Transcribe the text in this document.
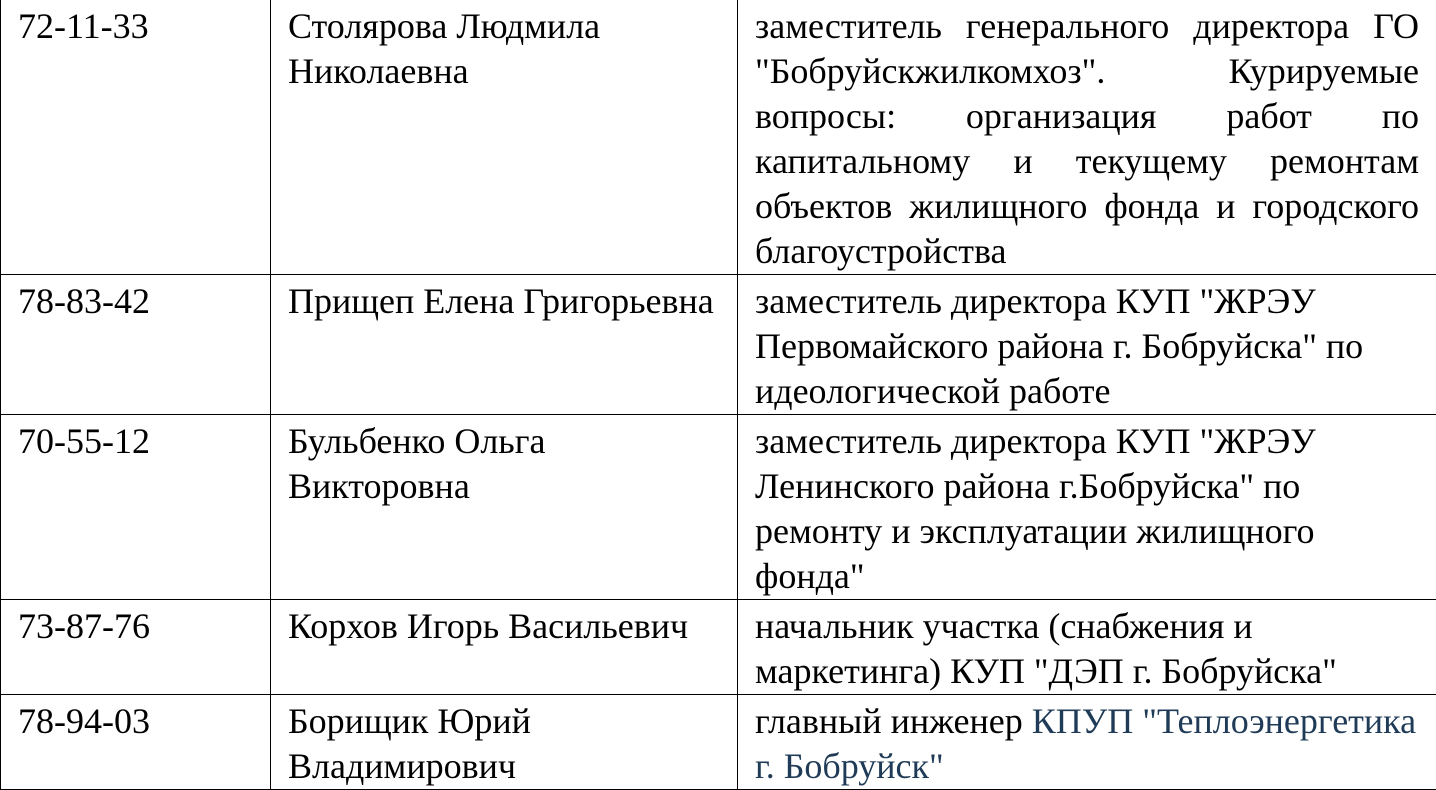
72-11-33	Столярова Людмила Николаевна	заместитель генерального директора ГО "Бобруйскжилкомхоз". Курируемые вопросы: организация работ по капитальному и текущему ремонтам объектов жилищного фонда и городского благоустройства
78-83-42	Прищеп Елена Григорьевна	заместитель директора КУП "ЖРЭУ Первомайского района г. Бобруйска" по идеологической работе
70-55-12	Бульбенко Ольга Викторовна	заместитель директора КУП "ЖРЭУ Ленинского района г.Бобруйска" по ремонту и эксплуатации жилищного фонда"
73-87-76	Корхов Игорь Васильевич	начальник участка (снабжения и маркетинга) КУП "ДЭП г. Бобруйска"
78-94-03	Борищик Юрий Владимирович	главный инженер КПУП "Теплоэнергетика г. Бобруйск"
